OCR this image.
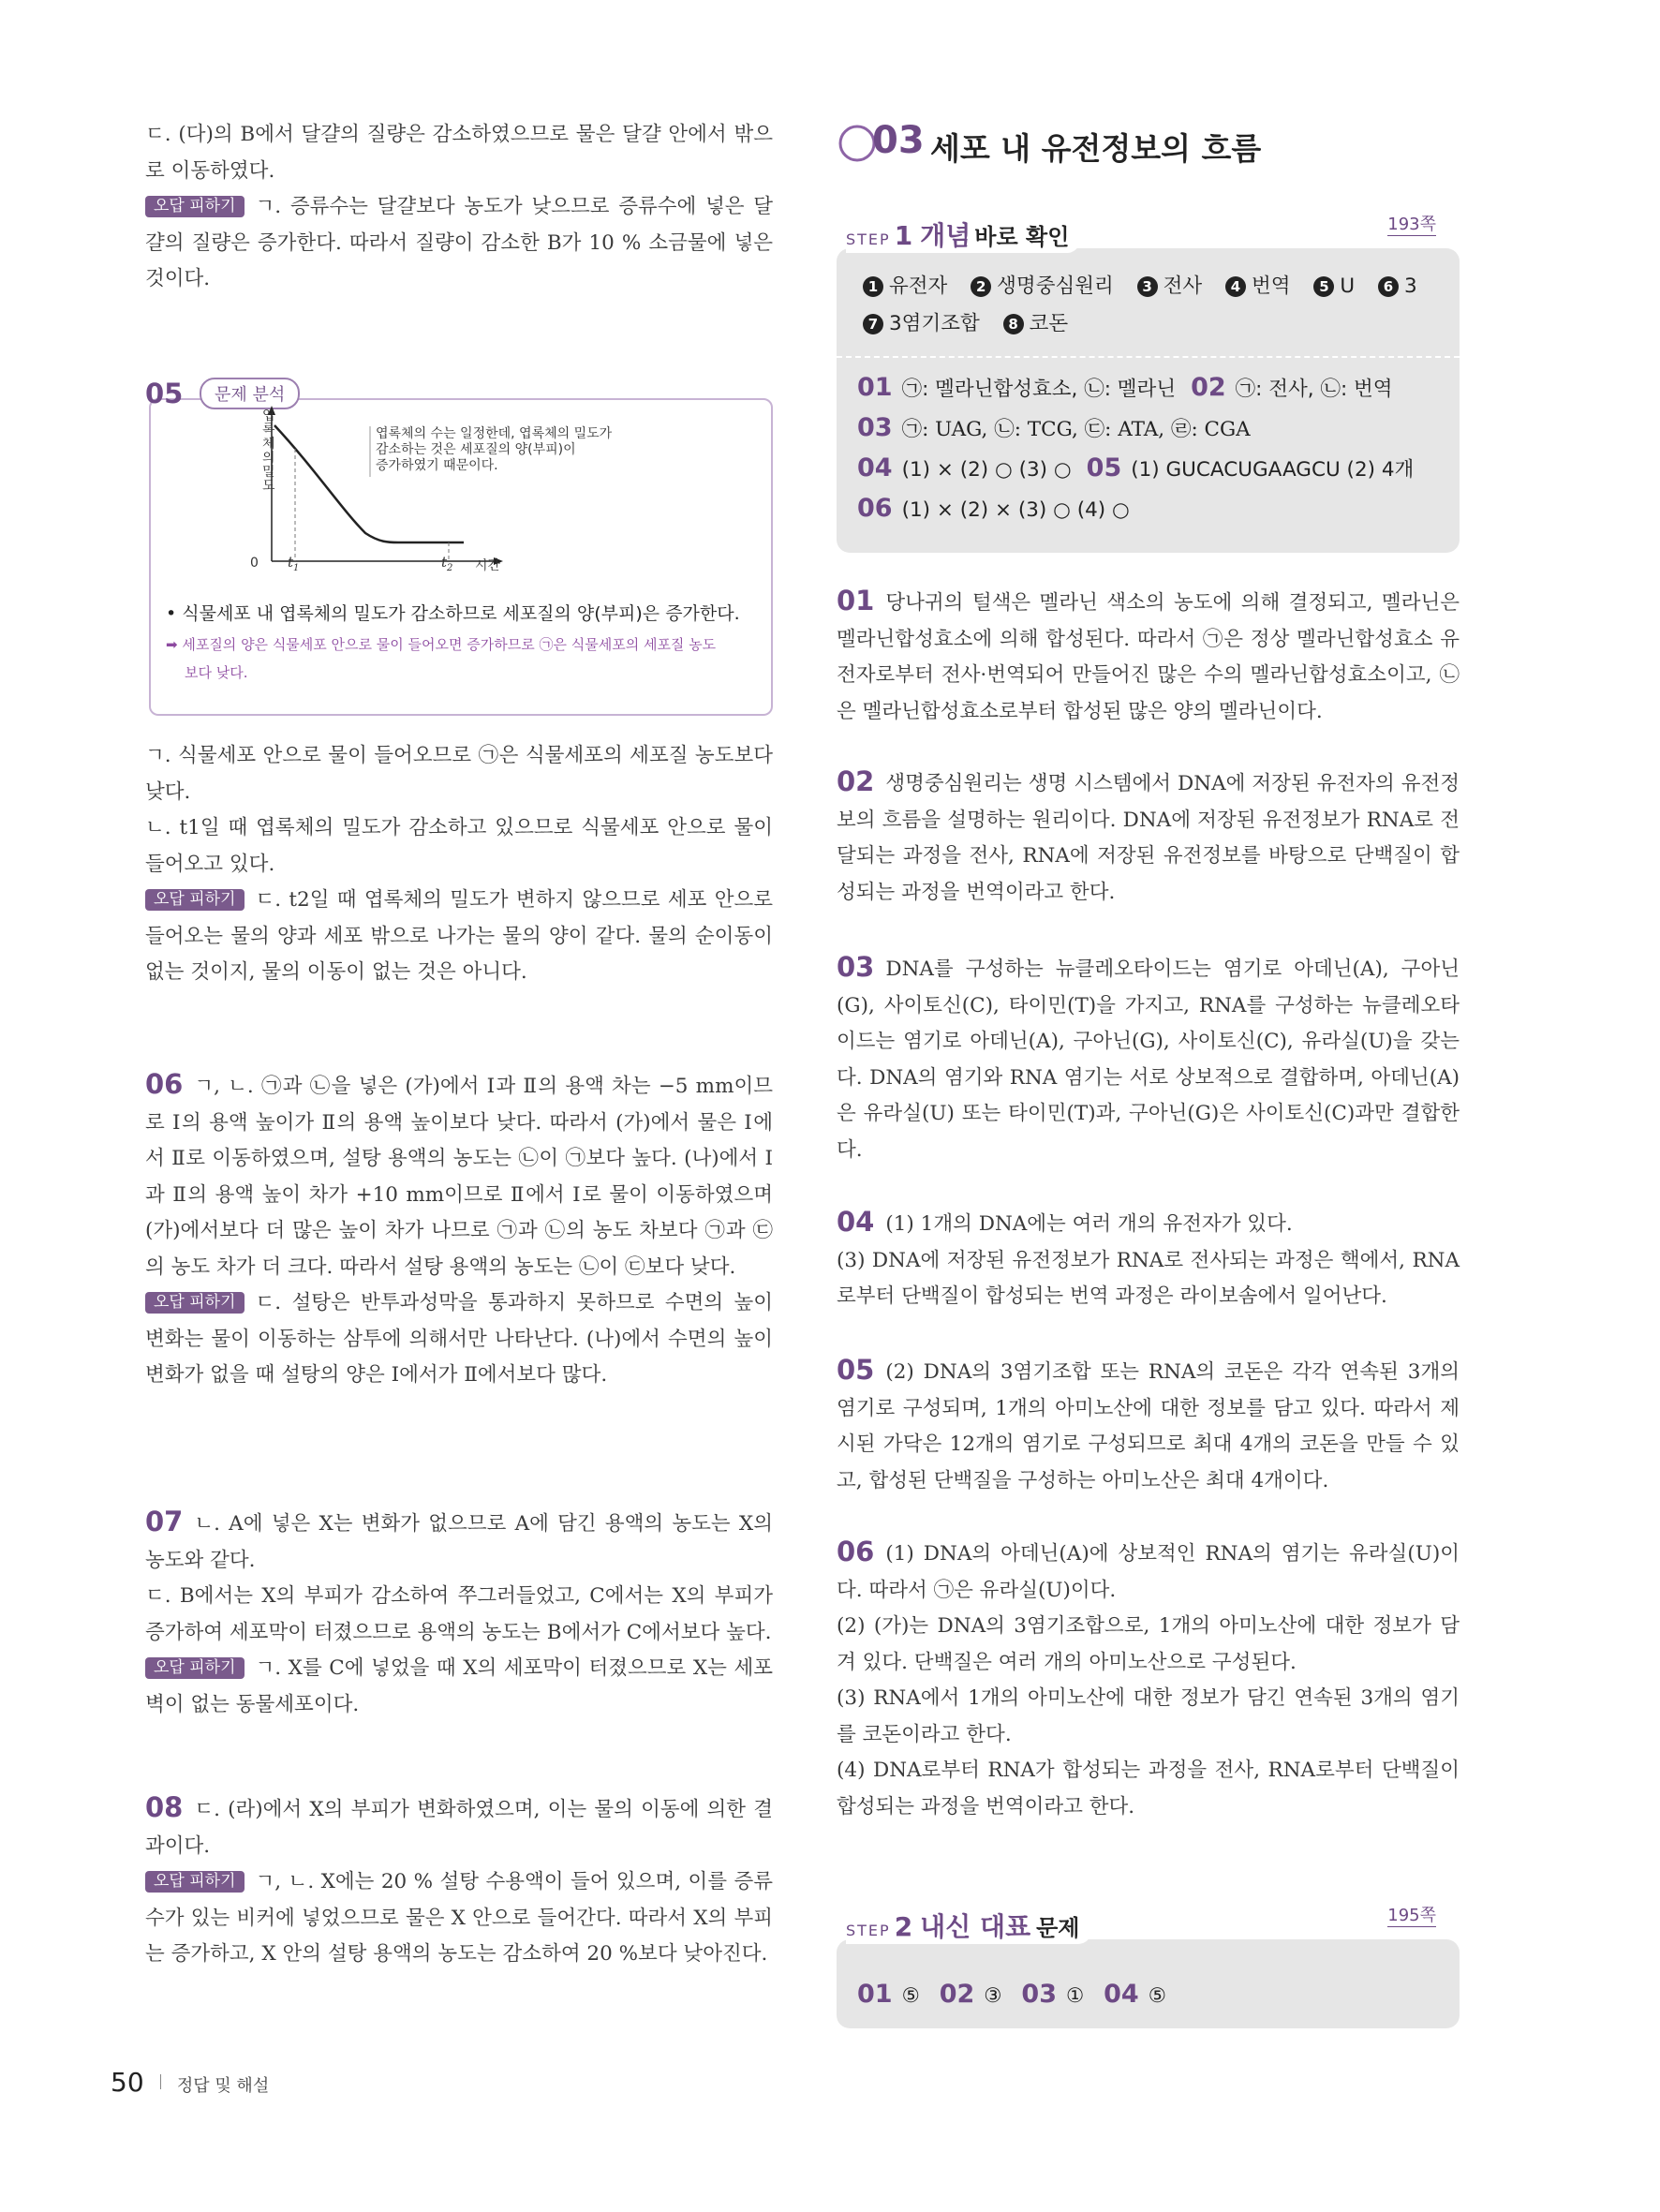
ㄷ. (다)의 B에서 달걀의 질량은 감소하였으므로 물은 달걀 안에서 밖으로 이동하였다.

오답 피하기 ㄱ. 증류수는 달걀보다 농도가 낮으므로 증류수에 넣은 달걀의 질량은 증가한다. 따라서 질량이 감소한 B가 10 % 소금물에 넣은 것이다.

05	문제 분석
엽록체의 밀도
0 $t_1$	$t_2$ 시간
엽록체의 수는 일정한데, 엽록체의 밀도가
감소하는 것은 세포질의 양(부피)이
증가하였기 때문이다.
• 식물세포 내 엽록체의 밀도가 감소하므로 세포질의 양(부피)은 증가한다.
➡ 세포질의 양은 식물세포 안으로 물이 들어오면 증가하므로 ㉠은 식물세포의 세포질 농도
보다 낮다.

ㄱ. 식물세포 안으로 물이 들어오므로 ㉠은 식물세포의 세포질 농도보다 낮다.

ㄴ. t1일 때 엽록체의 밀도가 감소하고 있으므로 식물세포 안으로 물이 들어오고 있다.

오답 피하기 ㄷ. t2일 때 엽록체의 밀도가 변하지 않으므로 세포 안으로 들어오는 물의 양과 세포 밖으로 나가는 물의 양이 같다. 물의 순이동이 없는 것이지, 물의 이동이 없는 것은 아니다.

06 ㄱ, ㄴ. ㉠과 ㉡을 넣은 (가)에서 Ⅰ과 Ⅱ의 용액 차는 −5 mm이므로 Ⅰ의 용액 높이가 Ⅱ의 용액 높이보다 낮다. 따라서 (가)에서 물은 Ⅰ에서 Ⅱ로 이동하였으며, 설탕 용액의 농도는 ㉡이 ㉠보다 높다. (나)에서 Ⅰ과 Ⅱ의 용액 높이 차가 +10 mm이므로 Ⅱ에서 Ⅰ로 물이 이동하였으며 (가)에서보다 더 많은 높이 차가 나므로 ㉠과 ㉡의 농도 차보다 ㉠과 ㉢의 농도 차가 더 크다. 따라서 설탕 용액의 농도는 ㉡이 ㉢보다 낮다.

오답 피하기 ㄷ. 설탕은 반투과성막을 통과하지 못하므로 수면의 높이 변화는 물이 이동하는 삼투에 의해서만 나타난다. (나)에서 수면의 높이 변화가 없을 때 설탕의 양은 Ⅰ에서가 Ⅱ에서보다 많다.

07 ㄴ. A에 넣은 X는 변화가 없으므로 A에 담긴 용액의 농도는 X의 농도와 같다.

ㄷ. B에서는 X의 부피가 감소하여 쭈그러들었고, C에서는 X의 부피가 증가하여 세포막이 터졌으므로 용액의 농도는 B에서가 C에서보다 높다.

오답 피하기 ㄱ. X를 C에 넣었을 때 X의 세포막이 터졌으므로 X는 세포벽이 없는 동물세포이다.

08 ㄷ. (라)에서 X의 부피가 변화하였으며, 이는 물의 이동에 의한 결과이다.

오답 피하기 ㄱ, ㄴ. X에는 20 % 설탕 수용액이 들어 있으며, 이를 증류수가 있는 비커에 넣었으므로 물은 X 안으로 들어간다. 따라서 X의 부피는 증가하고, X 안의 설탕 용액의 농도는 감소하여 20 %보다 낮아진다.

03 세포 내 유전정보의 흐름
193쪽
STEP 1 개념 바로 확인
1 유전자 2 생명중심원리 3 전사 4 번역 5 U 6 3
7 3염기조합 8 코돈
01 ㉠: 멜라닌합성효소, ㉡: 멜라닌 02 ㉠: 전사, ㉡: 번역
03 ㉠: UAG, ㉡: TCG, ㉢: ATA, ㉣: CGA
04 (1) × (2) ○ (3) ○ 05 (1) GUCACUGAAGCU (2) 4개
06 (1) × (2) × (3) ○ (4) ○

01 당나귀의 털색은 멜라닌 색소의 농도에 의해 결정되고, 멜라닌은 멜라닌합성효소에 의해 합성된다. 따라서 ㉠은 정상 멜라닌합성효소 유전자로부터 전사·번역되어 만들어진 많은 수의 멜라닌합성효소이고, ㉡은 멜라닌합성효소로부터 합성된 많은 양의 멜라닌이다.

02 생명중심원리는 생명 시스템에서 DNA에 저장된 유전자의 유전정보의 흐름을 설명하는 원리이다. DNA에 저장된 유전정보가 RNA로 전달되는 과정을 전사, RNA에 저장된 유전정보를 바탕으로 단백질이 합성되는 과정을 번역이라고 한다.

03 DNA를 구성하는 뉴클레오타이드는 염기로 아데닌(A), 구아닌(G), 사이토신(C), 타이민(T)을 가지고, RNA를 구성하는 뉴클레오타이드는 염기로 아데닌(A), 구아닌(G), 사이토신(C), 유라실(U)을 갖는다. DNA의 염기와 RNA 염기는 서로 상보적으로 결합하며, 아데닌(A)은 유라실(U) 또는 타이민(T)과, 구아닌(G)은 사이토신(C)과만 결합한다.

04 (1) 1개의 DNA에는 여러 개의 유전자가 있다.

(3) DNA에 저장된 유전정보가 RNA로 전사되는 과정은 핵에서, RNA로부터 단백질이 합성되는 번역 과정은 라이보솜에서 일어난다.

05 (2) DNA의 3염기조합 또는 RNA의 코돈은 각각 연속된 3개의 염기로 구성되며, 1개의 아미노산에 대한 정보를 담고 있다. 따라서 제시된 가닥은 12개의 염기로 구성되므로 최대 4개의 코돈을 만들 수 있고, 합성된 단백질을 구성하는 아미노산은 최대 4개이다.

06 (1) DNA의 아데닌(A)에 상보적인 RNA의 염기는 유라실(U)이다. 따라서 ㉠은 유라실(U)이다.

(2) (가)는 DNA의 3염기조합으로, 1개의 아미노산에 대한 정보가 담겨 있다. 단백질은 여러 개의 아미노산으로 구성된다.

(3) RNA에서 1개의 아미노산에 대한 정보가 담긴 연속된 3개의 염기를 코돈이라고 한다.

(4) DNA로부터 RNA가 합성되는 과정을 전사, RNA로부터 단백질이 합성되는 과정을 번역이라고 한다.

195쪽
STEP 2 내신 대표 문제
01 ⑤ 02 ③ 03 ① 04 ⑤
50 정답 및 해설
